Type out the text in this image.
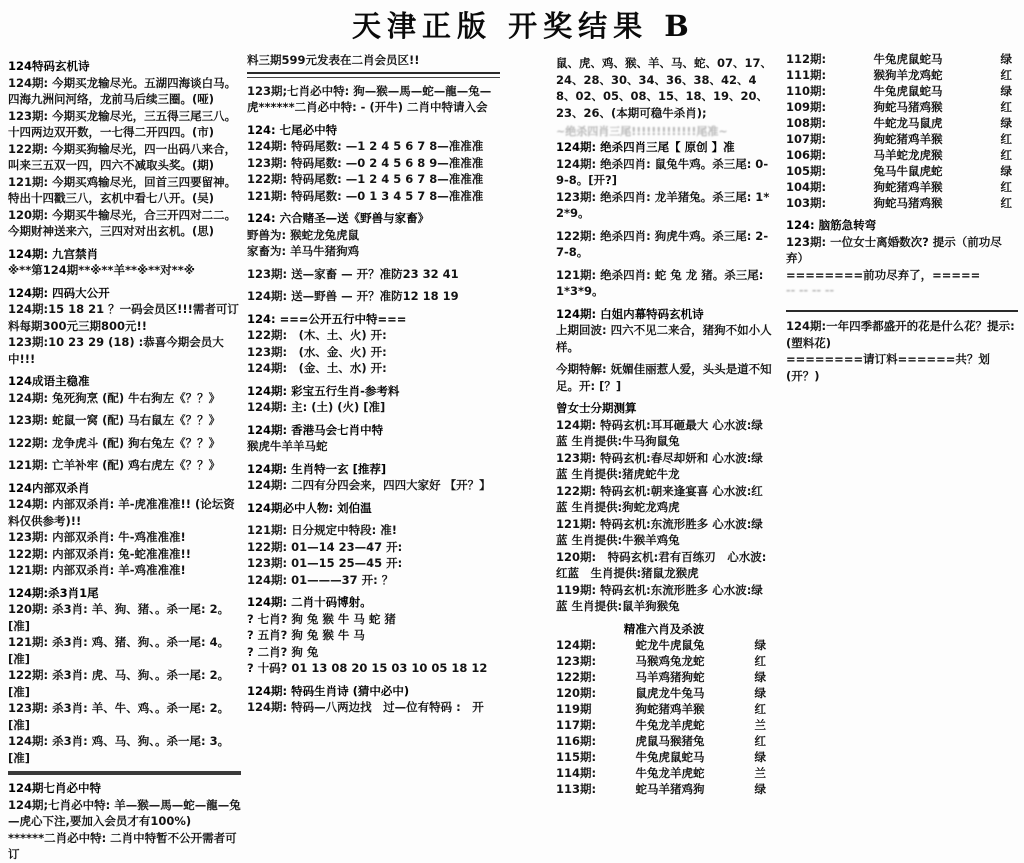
天津正版 开奖结果 B
124特码玄机诗
124期: 今期买龙输尽光。五湖四海谈白马。四海九洲问河络，龙前马后续三圈。(哑)
123期: 今期买龙输尽光，三五得三尾三八。十四两边双开数，一七得二开四四。(市)
122期: 今期买狗输尽光，四一出码八来合，叫来三五双一四，四六不减取头奖。(期)
121期: 今期买鸡输尽光，回首三四要留神。特出十四戳三八，玄机中看七八开。(吴)
120期: 今期买牛输尽光，合三开四对二二。今期财神送来六，三四对对出玄机。(思)
124期: 九宫禁肖
※**第124期**※**羊**※**对**※
124期: 四码大公开
124期:15 18 21 ？一码会员区!!!需者可订料每期300元三期800元!!
123期:10 23 29 (18) :恭喜今期会员大中!!!
124成语主稳准
124期: 兔死狗烹 (配) 牛右狗左《？？》
123期: 蛇鼠一窝 (配) 马右鼠左《？？》
122期: 龙争虎斗 (配) 狗右兔左《？？》
121期: 亡羊补牢 (配) 鸡右虎左《？？》
124内部双杀肖
124期: 内部双杀肖: 羊-虎准准准!! (论坛资料仅供参考)!!
123期: 内部双杀肖: 牛-鸡准准准!
122期: 内部双杀肖: 兔-蛇准准准!!
121期: 内部双杀肖: 羊-鸡准准准!
124期:杀3肖1尾
120期: 杀3肖: 羊、狗、猪、。杀一尾: 2。[准]
121期: 杀3肖: 鸡、猪、狗、。杀一尾: 4。[准]
122期: 杀3肖: 虎、马、狗、。杀一尾: 2。[准]
123期: 杀3肖: 羊、牛、鸡、。杀一尾: 2。[准]
124期: 杀3肖: 鸡、马、狗、。杀一尾: 3。[准]
124期七肖必中特
124期;七肖必中特: 羊—猴—馬—蛇—龍—兔—虎心下注,要加入会员才有100%)
******二肖必中特: 二肖中特暂不公开需者可订
料三期599元发表在二肖会员区!!
123期;七肖必中特: 狗—猴—馬—蛇—龍—兔—虎******二肖必中特: - (开牛) 二肖中特请入会
124: 七尾必中特
124期: 特码尾数: —1 2 4 5 6 7 8—准准准
123期: 特码尾数: —0 2 4 5 6 8 9—准准准
122期: 特码尾数: —1 2 4 5 6 7 8—准准准
121期: 特码尾数: —0 1 3 4 5 7 8—准准准
124: 六合赌圣—送《野兽与家畜》
野兽为: 猴蛇龙兔虎鼠
家畜为: 羊马牛猪狗鸡
123期: 送—家畜 — 开？准防23 32 41
124期: 送—野兽 — 开？准防12 18 19
124: ===公开五行中特===
122期:　(木、土、火) 开:
123期:　(水、金、火) 开:
124期:　(金、土、水) 开:
124期: 彩宝五行生肖-参考料
124期: 主: (土) (火) [准]
124期: 香港马会七肖中特
猴虎牛羊羊马蛇
124期: 生肖特一玄 [推荐]
124期: 二四有分四会来，四四大家好 【开？】
124期必中人物: 刘伯温
121期: 日分规定中特段: 准!
122期: 01—14 23—47 开:
123期: 01—15 25—45 开:
124期: 01———37 开: ？
124期: 二肖十码博射。
? 七肖? 狗 兔 猴 牛 马 蛇 猪
? 五肖? 狗 兔 猴 牛 马
? 二肖? 狗 兔
? 十码? 01 13 08 20 15 03 10 05 18 12
124期: 特码生肖诗 (猜中必中)
124期: 特码—八两边找　过—位有特码 :　开
鼠、虎、鸡、猴、羊、马、蛇、07、17、24、28、30、34、36、38、42、48、02、05、08、15、18、19、20、23、26、(本期可稳牛杀肖);
~绝杀四肖三尾!!!!!!!!!!!!!尾准~
124期: 绝杀四肖三尾【 原创 】准
124期: 绝杀四肖: 鼠兔牛鸡。杀三尾: 0-9-8。[开?]
123期: 绝杀四肖: 龙羊猪兔。杀三尾: 1*2*9。
122期: 绝杀四肖: 狗虎牛鸡。杀三尾: 2-7-8。
121期: 绝杀四肖: 蛇 兔 龙 猪。杀三尾: 1*3*9。
124期: 白姐内幕特码玄机诗
上期回波: 四六不见二来合，猪狗不如小人样。
今期特解: 妩媚佳丽惹人爱，头头是道不知足。开: [？]
曾女士分期测算
124期: 特码玄机:耳耳砸最大 心水波:绿蓝 生肖提供:牛马狗鼠兔
123期: 特码玄机:春尽却妍和 心水波:绿蓝 生肖提供:猪虎蛇牛龙
122期: 特码玄机:朝来逢宴喜 心水波:红蓝 生肖提供:狗蛇龙鸡虎
121期: 特码玄机:东流形胜多 心水波:绿蓝 生肖提供:牛猴羊鸡兔
120期:　特码玄机:君有百练刃　心水波:红蓝　生肖提供:猪鼠龙猴虎
119期: 特码玄机:东流形胜多 心水波:绿蓝 生肖提供:鼠羊狗猴兔
精准六肖及杀波
124期:	蛇龙牛虎鼠兔	绿
123期:	马猴鸡兔龙蛇	红
122期:	马羊鸡猪狗蛇	绿
120期:	鼠虎龙牛兔马	绿
119期	狗蛇猪鸡羊猴	红
117期:	牛兔龙羊虎蛇	兰
116期:	虎鼠马猴猪兔	红
115期:	牛兔虎鼠蛇马	绿
114期:	牛兔龙羊虎蛇	兰
113期:	蛇马羊猪鸡狗	绿
112期:	牛兔虎鼠蛇马	绿
111期:	猴狗羊龙鸡蛇	红
110期:	牛兔虎鼠蛇马	绿
109期:	狗蛇马猪鸡猴	红
108期:	牛蛇龙马鼠虎	绿
107期:	狗蛇猪鸡羊猴	红
106期:	马羊蛇龙虎猴	红
105期:	兔马牛鼠虎蛇	绿
104期:	狗蛇猪鸡羊猴	红
103期:	狗蛇马猪鸡猴	红
124: 脑筋急转弯
123期: 一位女士离婚数次? 提示（前功尽弃）
========前功尽弃了，=====
-- -- -- --
124期:一年四季都盛开的花是什么花？提示:(塑料花)
========请订料======共？划 (开？)
